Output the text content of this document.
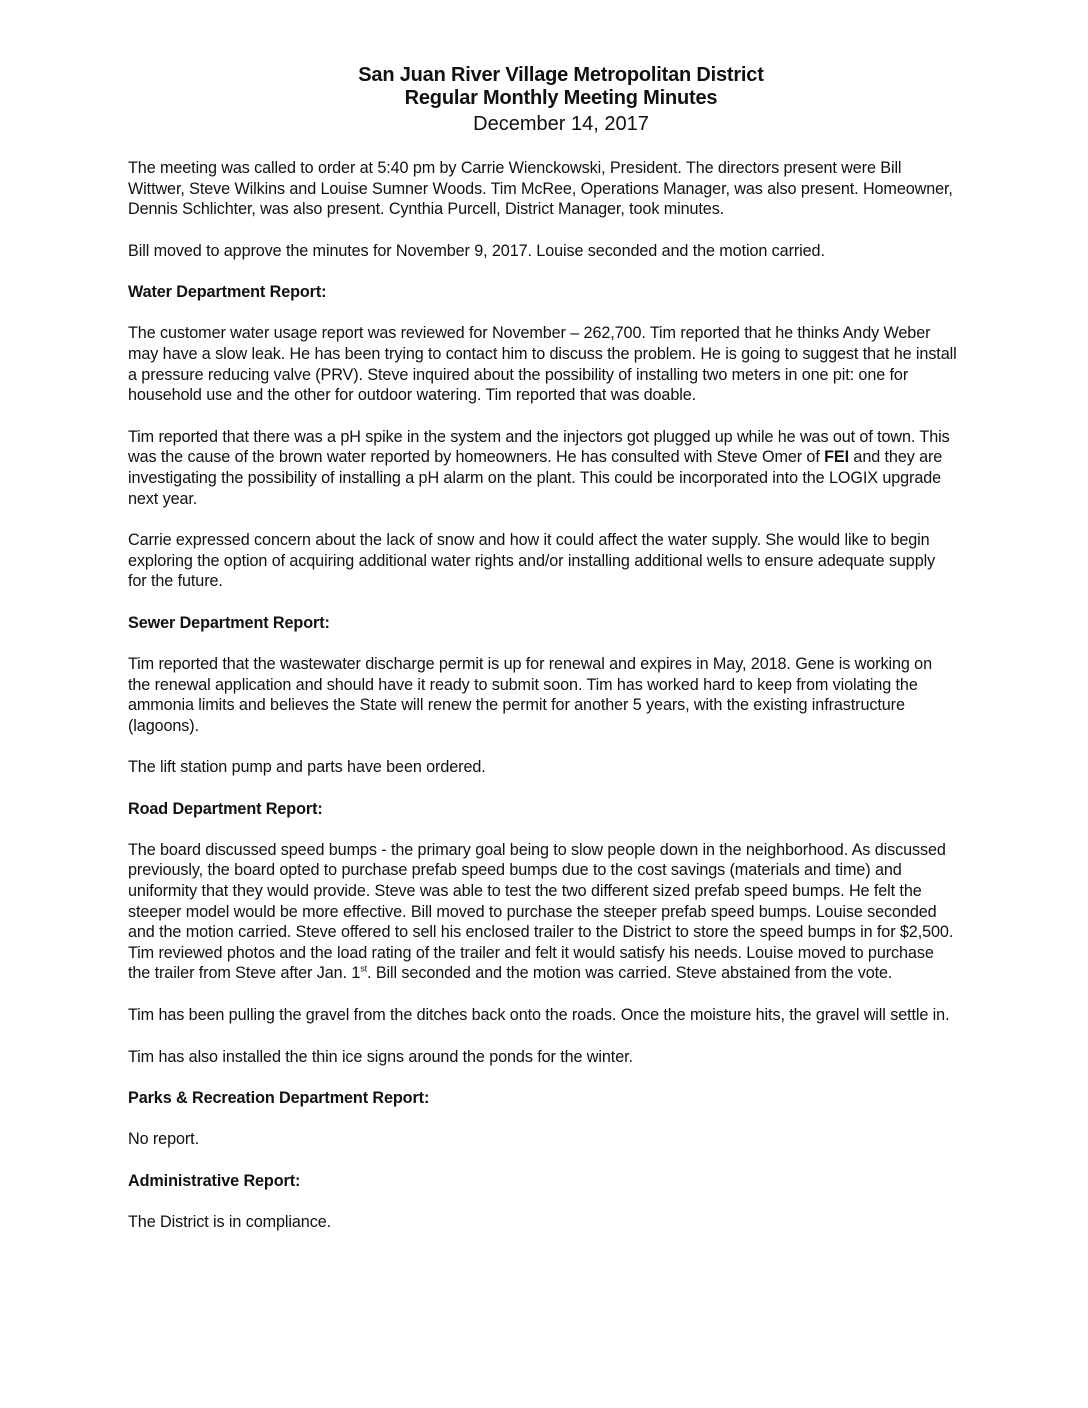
San Juan River Village Metropolitan District
Regular Monthly Meeting Minutes
December 14, 2017

The meeting was called to order at 5:40 pm by Carrie Wienckowski, President. The directors present were Bill Wittwer, Steve Wilkins and Louise Sumner Woods. Tim McRee, Operations Manager, was also present. Homeowner, Dennis Schlichter, was also present. Cynthia Purcell, District Manager, took minutes.

Bill moved to approve the minutes for November 9, 2017. Louise seconded and the motion carried.

Water Department Report:

The customer water usage report was reviewed for November – 262,700. Tim reported that he thinks Andy Weber may have a slow leak. He has been trying to contact him to discuss the problem. He is going to suggest that he install a pressure reducing valve (PRV). Steve inquired about the possibility of installing two meters in one pit: one for household use and the other for outdoor watering. Tim reported that was doable.

Tim reported that there was a pH spike in the system and the injectors got plugged up while he was out of town. This was the cause of the brown water reported by homeowners. He has consulted with Steve Omer of FEI and they are investigating the possibility of installing a pH alarm on the plant. This could be incorporated into the LOGIX upgrade next year.

Carrie expressed concern about the lack of snow and how it could affect the water supply. She would like to begin exploring the option of acquiring additional water rights and/or installing additional wells to ensure adequate supply for the future.

Sewer Department Report:

Tim reported that the wastewater discharge permit is up for renewal and expires in May, 2018. Gene is working on the renewal application and should have it ready to submit soon. Tim has worked hard to keep from violating the ammonia limits and believes the State will renew the permit for another 5 years, with the existing infrastructure (lagoons).

The lift station pump and parts have been ordered.

Road Department Report:

The board discussed speed bumps - the primary goal being to slow people down in the neighborhood. As discussed previously, the board opted to purchase prefab speed bumps due to the cost savings (materials and time) and uniformity that they would provide. Steve was able to test the two different sized prefab speed bumps. He felt the steeper model would be more effective. Bill moved to purchase the steeper prefab speed bumps. Louise seconded and the motion carried. Steve offered to sell his enclosed trailer to the District to store the speed bumps in for $2,500. Tim reviewed photos and the load rating of the trailer and felt it would satisfy his needs. Louise moved to purchase the trailer from Steve after Jan. 1st. Bill seconded and the motion was carried. Steve abstained from the vote.

Tim has been pulling the gravel from the ditches back onto the roads. Once the moisture hits, the gravel will settle in.

Tim has also installed the thin ice signs around the ponds for the winter.

Parks & Recreation Department Report:

No report.

Administrative Report:

The District is in compliance.
